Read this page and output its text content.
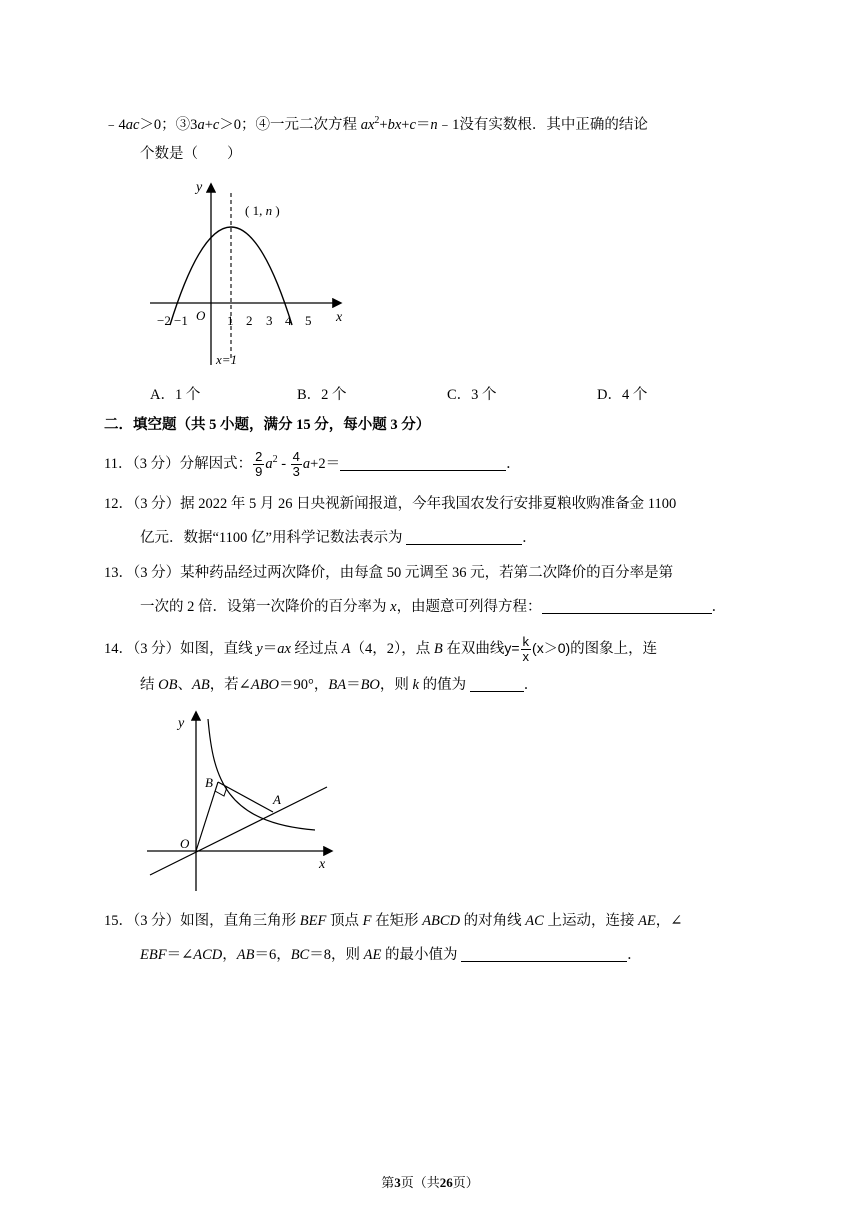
﹣4ac＞0；③3a+c＞0；④一元二次方程 $ax^2+bx+c=n﹣1$没有实数根．其中正确的结论
个数是（　　）
y
x
( 1, n )
O
−2 −1	1 2 3 4 5
x=1
A．1 个	B．2 个	C．3 个	D．4 个
二．填空题（共 5 小题，满分 15 分，每小题 3 分）
11．（3 分）分解因式： $\frac{2}{9} a^2 - \frac{4}{3} a+2=$	．
12．（3 分）据 2022 年 5 月 26 日央视新闻报道，今年我国农发行安排夏粮收购准备金 1100
亿元．数据“1100 亿”用科学记数法表示为	．
13．（3 分）某种药品经过两次降价，由每盒 50 元调至 36 元，若第二次降价的百分率是第
一次的 2 倍．设第一次降价的百分率为 x，由题意可列得方程：	．
14．（3 分）如图，直线 y＝ax 经过点 A（4，2），点 B 在双曲线$y= \frac{k}{x} (x>0)$的图象上，连
结 OB、AB，若∠ABO＝90°，BA＝BO，则 k 的值为	．
y
x
O
B
A
15．（3 分）如图，直角三角形 BEF 顶点 F 在矩形 ABCD 的对角线 AC 上运动，连接 AE，∠
EBF＝∠ACD，AB＝6，BC＝8，则 AE 的最小值为	．
第3页（共26页）
